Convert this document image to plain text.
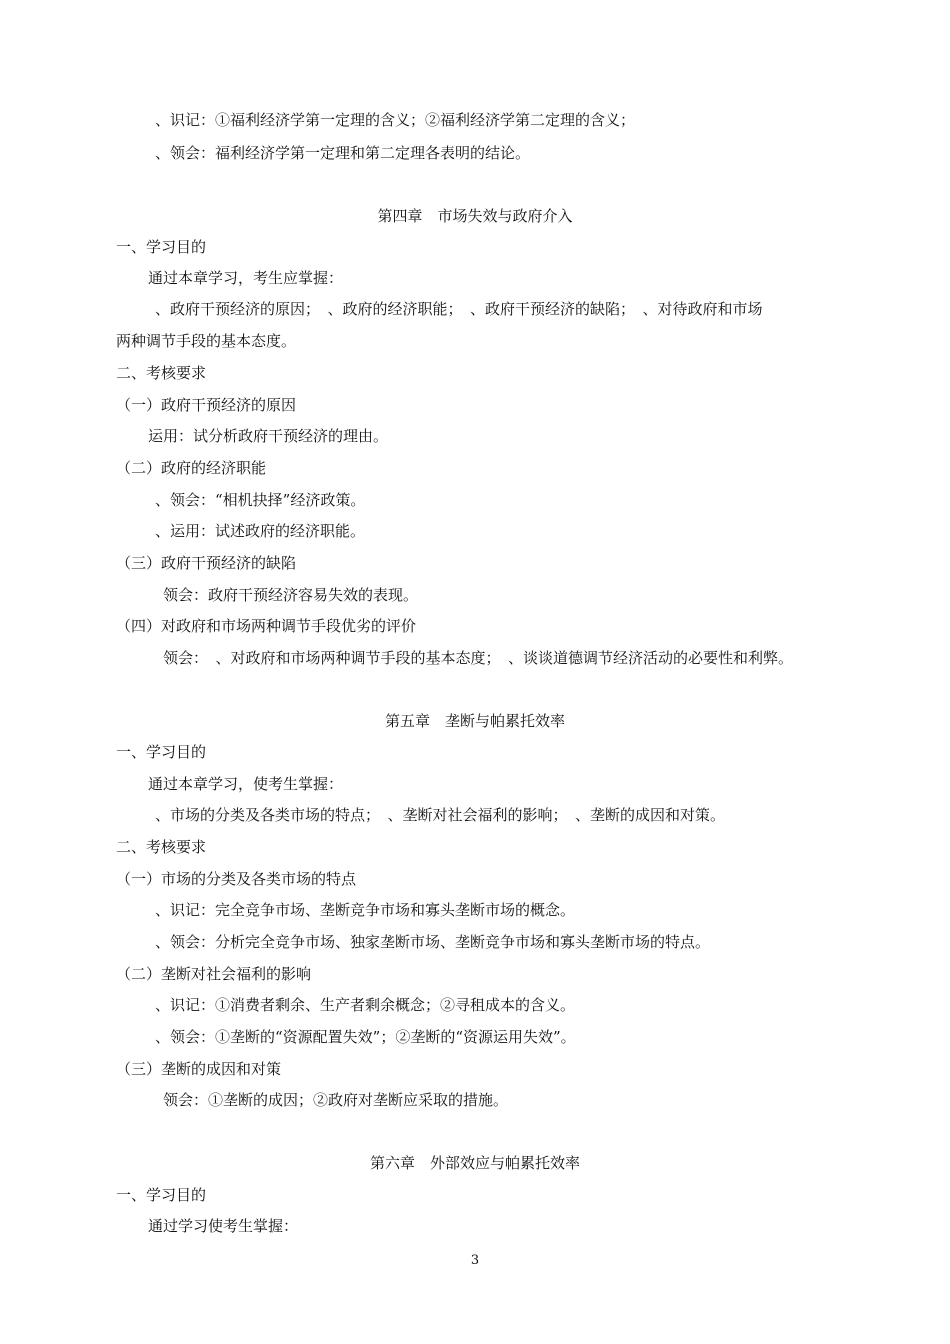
、识记：①福利经济学第一定理的含义；②福利经济学第二定理的含义；
、领会：福利经济学第一定理和第二定理各表明的结论。
第四章　市场失效与政府介入
一、学习目的
通过本章学习，考生应掌握：
、政府干预经济的原因；　、政府的经济职能；　、政府干预经济的缺陷；　、对待政府和市场
两种调节手段的基本态度。
二、考核要求
（一）政府干预经济的原因
运用：试分析政府干预经济的理由。
（二）政府的经济职能
、领会：“相机抉择”经济政策。
、运用：试述政府的经济职能。
（三）政府干预经济的缺陷
领会：政府干预经济容易失效的表现。
（四）对政府和市场两种调节手段优劣的评价
领会：　、对政府和市场两种调节手段的基本态度；　、谈谈道德调节经济活动的必要性和利弊。
第五章　垄断与帕累托效率
一、学习目的
通过本章学习，使考生掌握：
、市场的分类及各类市场的特点；　、垄断对社会福利的影响；　、垄断的成因和对策。
二、考核要求
（一）市场的分类及各类市场的特点
、识记：完全竞争市场、垄断竞争市场和寡头垄断市场的概念。
、领会：分析完全竞争市场、独家垄断市场、垄断竞争市场和寡头垄断市场的特点。
（二）垄断对社会福利的影响
、识记：①消费者剩余、生产者剩余概念；②寻租成本的含义。
、领会：①垄断的“资源配置失效”；②垄断的“资源运用失效”。
（三）垄断的成因和对策
领会：①垄断的成因；②政府对垄断应采取的措施。
第六章　外部效应与帕累托效率
一、学习目的
通过学习使考生掌握：
3
